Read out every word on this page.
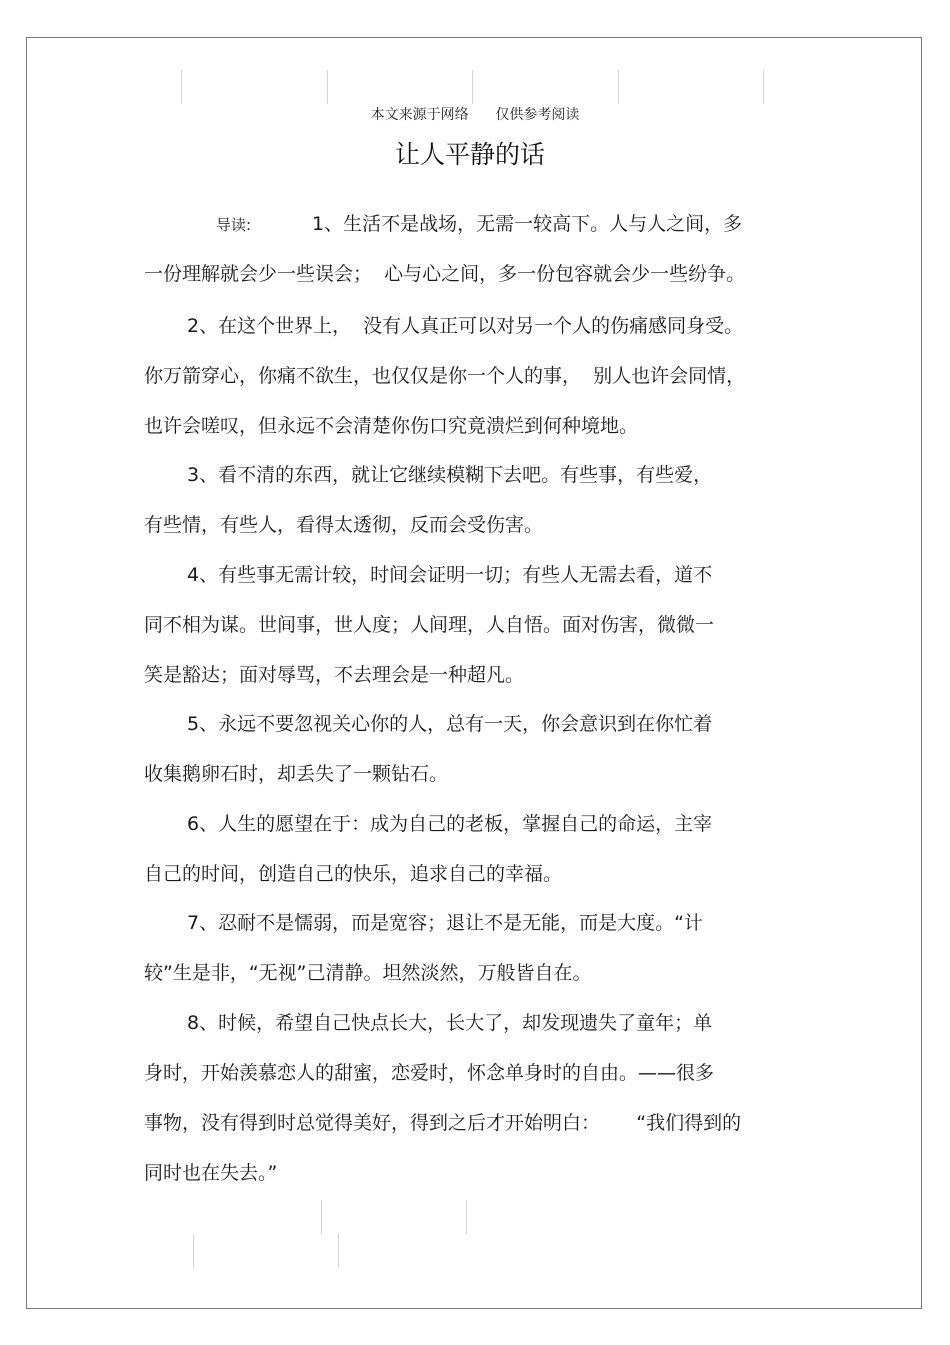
本文来源于网络      仅供参考阅读
让人平静的话
导读:	1、生活不是战场，无需一较高下。人与人之间，多
一份理解就会少一些误会；  心与心之间，多一份包容就会少一些纷争。
2、在这个世界上，  没有人真正可以对另一个人的伤痛感同身受。
你万箭穿心，你痛不欲生，也仅仅是你一个人的事，  别人也许会同情，
也许会嗟叹，但永远不会清楚你伤口究竟溃烂到何种境地。
3、看不清的东西，就让它继续模糊下去吧。有些事，有些爱，
有些情，有些人，看得太透彻，反而会受伤害。
4、有些事无需计较，时间会证明一切；有些人无需去看，道不
同不相为谋。世间事，世人度；人间理，人自悟。面对伤害，微微一
笑是豁达；面对辱骂，不去理会是一种超凡。
5、永远不要忽视关心你的人，总有一天，你会意识到在你忙着
收集鹅卵石时，却丢失了一颗钻石。
6、人生的愿望在于：成为自己的老板，掌握自己的命运，主宰
自己的时间，创造自己的快乐，追求自己的幸福。
7、忍耐不是懦弱，而是宽容；退让不是无能，而是大度。“计
较”生是非，“无视”己清静。坦然淡然，万般皆自在。
8、时候，希望自己快点长大，长大了，却发现遗失了童年；单
身时，开始羡慕恋人的甜蜜，恋爱时，怀念单身时的自由。——很多
事物，没有得到时总觉得美好，得到之后才开始明白：      “我们得到的
同时也在失去。”
